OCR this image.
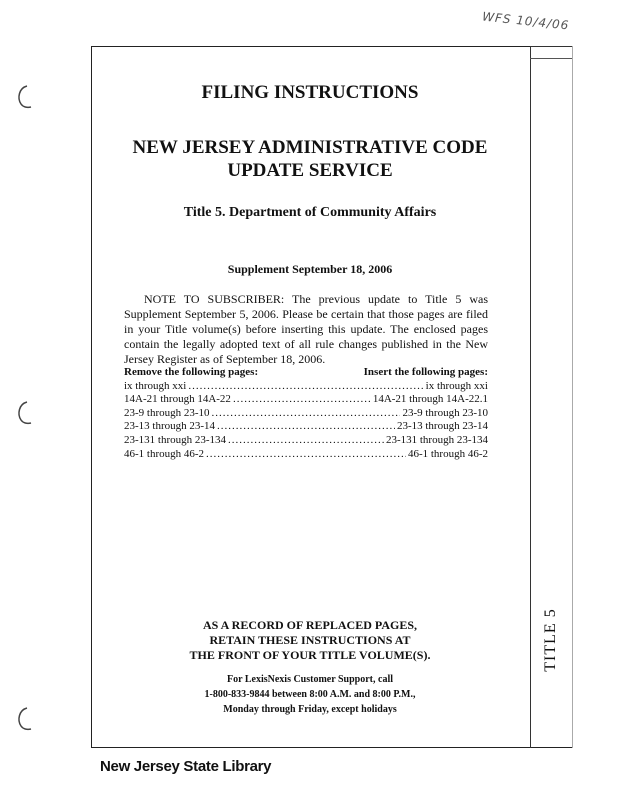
WFS 10/4/06
TITLE 5
FILING INSTRUCTIONS
NEW JERSEY ADMINISTRATIVE CODE
UPDATE SERVICE
Title 5. Department of Community Affairs
Supplement September 18, 2006
NOTE TO SUBSCRIBER: The previous update to Title 5 was Supplement September 5, 2006. Please be certain that those pages are filed in your Title volume(s) before inserting this update. The enclosed pages contain the legally adopted text of all rule changes published in the New Jersey Register as of September 18, 2006.
Remove the following pages:	Insert the following pages:
ix through xxi .....	ix through xxi
14A-21 through 14A-22 .....	14A-21 through 14A-22.1
23-9 through 23-10 .....	23-9 through 23-10
23-13 through 23-14 .....	23-13 through 23-14
23-131 through 23-134 .....	23-131 through 23-134
46-1 through 46-2 .....	46-1 through 46-2
AS A RECORD OF REPLACED PAGES,
RETAIN THESE INSTRUCTIONS AT
THE FRONT OF YOUR TITLE VOLUME(S).
For LexisNexis Customer Support, call
1-800-833-9844 between 8:00 A.M. and 8:00 P.M.,
Monday through Friday, except holidays
New Jersey State Library
